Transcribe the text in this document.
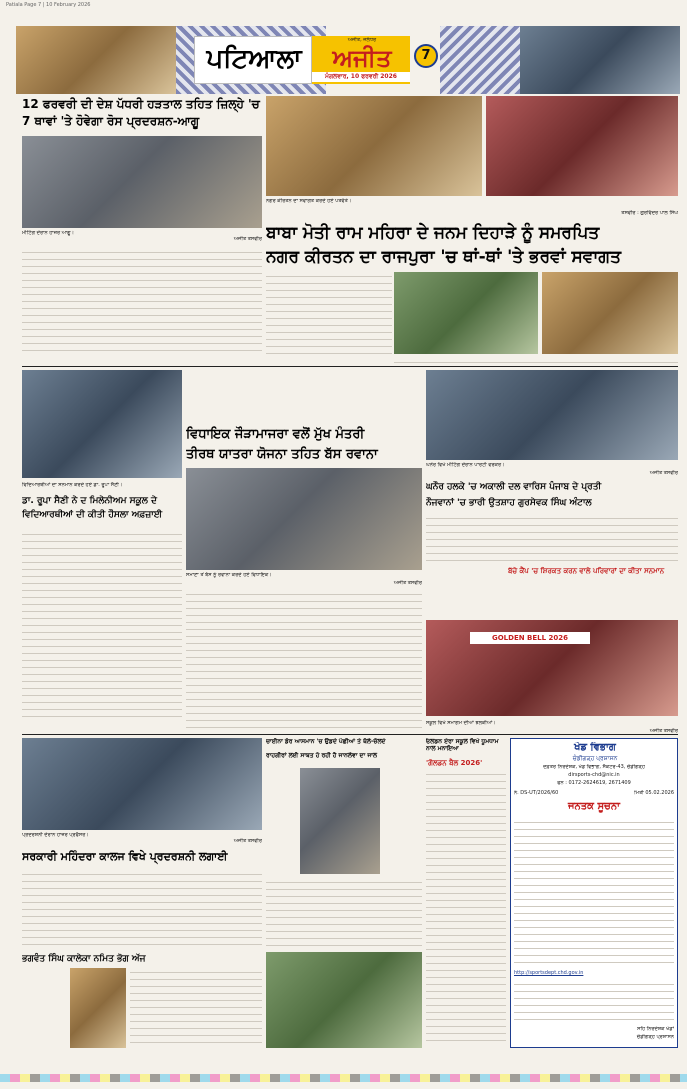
Patiala Page 7 | 10 February 2026
ਪਟਿਆਲਾ
ਅਜੀਤ, ਜਲੰਧਰ
ਅਜੀਤ
ਮੰਗਲਵਾਰ, 10 ਫਰਵਰੀ 2026
7
12 ਫਰਵਰੀ ਦੀ ਦੇਸ਼ ਪੱਧਰੀ ਹੜਤਾਲ ਤਹਿਤ ਜ਼ਿਲ੍ਹੇ 'ਚ 7 ਥਾਵਾਂ 'ਤੇ ਹੋਵੇਗਾ ਰੋਸ ਪ੍ਰਦਰਸ਼ਨ-ਆਗੂ
ਮੀਟਿੰਗ ਦੌਰਾਨ ਹਾਜ਼ਰ ਆਗੂ।
ਅਜੀਤ ਤਸਵੀਰ
ਨਗਰ ਕੀਰਤਨ ਦਾ ਸਵਾਗਤ ਕਰਦੇ ਹੋਏ ਪਤਵੰਤੇ।
ਤਸਵੀਰ : ਗੁਰਵਿੰਦਰ ਪਾਲ ਸਿੰਘ
ਬਾਬਾ ਮੋਤੀ ਰਾਮ ਮਹਿਰਾ ਦੇ ਜਨਮ ਦਿਹਾੜੇ ਨੂੰ ਸਮਰਪਿਤ
ਨਗਰ ਕੀਰਤਨ ਦਾ ਰਾਜਪੁਰਾ 'ਚ ਥਾਂ-ਥਾਂ 'ਤੇ ਭਰਵਾਂ ਸਵਾਗਤ
ਵਿਦਿਆਰਥੀਆਂ ਦਾ ਸਨਮਾਨ ਕਰਦੇ ਹੋਏ ਡਾ. ਰੂਪਾ ਸੈਣੀ।
ਡਾ. ਰੂਪਾ ਸੈਣੀ ਨੇ ਦ ਮਿਲੇਨੀਅਮ ਸਕੂਲ ਦੇ ਵਿਦਿਆਰਥੀਆਂ ਦੀ ਕੀਤੀ ਹੌਸਲਾ ਅਫ਼ਜ਼ਾਈ
ਵਿਧਾਇਕ ਜੌੜਾਮਾਜਰਾ ਵਲੋਂ ਮੁੱਖ ਮੰਤਰੀ
ਤੀਰਥ ਯਾਤਰਾ ਯੋਜਨਾ ਤਹਿਤ ਬੱਸ ਰਵਾਨਾ
ਸਮਾਣਾ ਤੋਂ ਬੱਸ ਨੂੰ ਰਵਾਨਾ ਕਰਦੇ ਹੋਏ ਵਿਧਾਇਕ।
ਅਜੀਤ ਤਸਵੀਰ
ਘਨੌਰ ਵਿਖੇ ਮੀਟਿੰਗ ਦੌਰਾਨ ਪਾਰਟੀ ਵਰਕਰ।
ਅਜੀਤ ਤਸਵੀਰ
ਘਨੌਰ ਹਲਕੇ 'ਚ ਅਕਾਲੀ ਦਲ ਵਾਰਿਸ ਪੰਜਾਬ ਦੇ ਪ੍ਰਤੀ
ਨੌਜਵਾਨਾਂ 'ਚ ਭਾਰੀ ਉਤਸ਼ਾਹ ਗੁਰਸੇਵਕ ਸਿੰਘ ਅੰਟਾਲ
ਬੱਚੇ ਕੈਂਪ 'ਚ ਸ਼ਿਰਕਤ ਕਰਨ ਵਾਲੇ ਪਰਿਵਾਰਾਂ ਦਾ ਕੀਤਾ ਸਨਮਾਨ
GOLDEN BELL 2026
ਸਕੂਲ ਵਿਖੇ ਸਮਾਗਮ ਦੀਆਂ ਝਲਕੀਆਂ।
ਅਜੀਤ ਤਸਵੀਰ
ਪ੍ਰਦਰਸ਼ਨੀ ਦੌਰਾਨ ਹਾਜ਼ਰ ਪ੍ਰੋਫੈਸਰ।
ਅਜੀਤ ਤਸਵੀਰ
ਸਰਕਾਰੀ ਮਹਿੰਦਰਾ ਕਾਲਜ ਵਿਖੇ ਪ੍ਰਦਰਸ਼ਨੀ ਲਗਾਈ
ਭਗਵੰਤ ਸਿੰਘ ਕਾਲੇਕਾ ਨਮਿਤ ਭੋਗ ਅੱਜ
ਚਾਈਨਾ ਡੋਰ ਆਸਮਾਨ 'ਚ ਉਡਦੇ ਪੰਛੀਆਂ ਤੇ ਥੱਲੇ-ਚੱਲਦੇ
ਰਾਹਗੀਰਾਂ ਲਈ ਸਾਬਤ ਹੋ ਰਹੀ ਹੈ ਜਾਨਲੇਵਾ ਦਾ ਜਾਲ
ਓਲਡਨ ਏਰਾ ਸਕੂਲ ਵਿਖੇ ਧੂਮਧਾਮ ਨਾਲ ਮਨਾਇਆ
'ਗੋਲਡਨ ਬੈਲ 2026'
ਖੇਡ ਵਿਭਾਗ
ਚੰਡੀਗੜ੍ਹ ਪ੍ਰਸ਼ਾਸਨ
ਦਫ਼ਤਰ ਨਿਰਦੇਸ਼ਕ, ਖੇਡ ਵਿਭਾਗ, ਸੈਕਟਰ-43, ਚੰਡੀਗੜ੍ਹ
dirsports-chd@nic.in
ਫੋਨ : 0172-2624619, 2671409
ਨੰ. DS-UT/2026/60	ਮਿਤੀ 05.02.2026
ਜਨਤਕ ਸੂਚਨਾ
http://sportsdept.chd.gov.in
ਸਹਿ ਨਿਰਦੇਸ਼ਕ ਖੇਡਾਂ
ਚੰਡੀਗੜ੍ਹ ਪ੍ਰਸ਼ਾਸਨ
